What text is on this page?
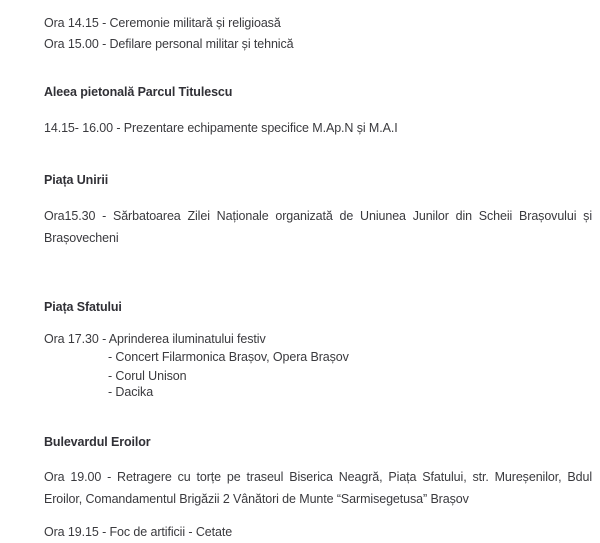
Ora 14.15 - Ceremonie militară și religioasă
Ora 15.00 - Defilare personal militar și tehnică
Aleea pietonală Parcul Titulescu
14.15- 16.00 - Prezentare echipamente specifice M.Ap.N și M.A.I
Piața Unirii
Ora15.30 - Sărbatoarea Zilei Naționale organizată de Uniunea Junilor din Scheii Brașovului și Brașovecheni
Piața Sfatului
Ora 17.30 - Aprinderea iluminatului festiv
- Concert Filarmonica Brașov, Opera Brașov
- Corul Unison
- Dacika
Bulevardul Eroilor
Ora 19.00 - Retragere cu torțe pe traseul Biserica Neagră, Piața Sfatului, str. Mureșenilor, Bdul Eroilor, Comandamentul Brigăzii 2 Vânători de Munte “Sarmisegetusa” Brașov
Ora 19.15 - Foc de artificii - Cetate
